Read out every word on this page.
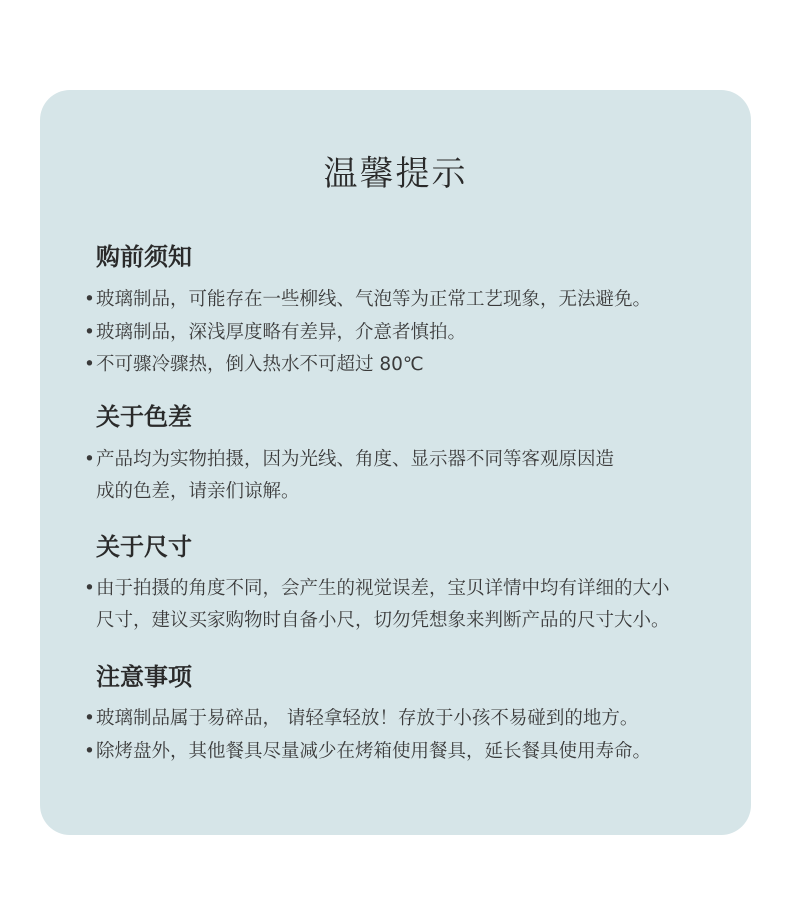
温馨提示
购前须知
•玻璃制品，可能存在一些柳线、气泡等为正常工艺现象，无法避免。
•玻璃制品，深浅厚度略有差异，介意者慎拍。
•不可骤冷骤热，倒入热水不可超过 80℃
关于色差
•产品均为实物拍摄，因为光线、角度、显示器不同等客观原因造
成的色差，请亲们谅解。
关于尺寸
•由于拍摄的角度不同，会产生的视觉误差，宝贝详情中均有详细的大小
尺寸，建议买家购物时自备小尺，切勿凭想象来判断产品的尺寸大小。
注意事项
•玻璃制品属于易碎品， 请轻拿轻放！存放于小孩不易碰到的地方。
•除烤盘外，其他餐具尽量减少在烤箱使用餐具，延长餐具使用寿命。
